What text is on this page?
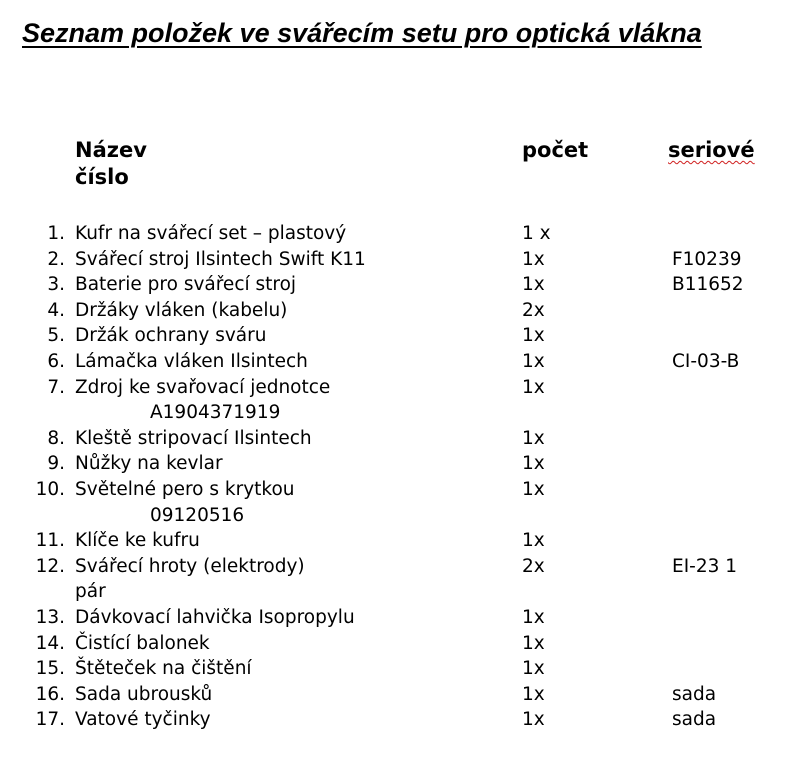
Seznam položek ve svářecím setu pro optická vlákna
Název
číslo
počet	seriové
1. Kufr na svářecí set – plastový	1 x
2. Svářecí stroj Ilsintech Swift K11	1x	F10239
3. Baterie pro svářecí stroj	1x	B11652
4. Držáky vláken (kabelu)	2x
5. Držák ochrany sváru	1x
6. Lámačka vláken Ilsintech	1x	CI-03-B
7. Zdroj ke svařovací jednotce	1x
A1904371919
8. Kleště stripovací Ilsintech	1x
9. Nůžky na kevlar	1x
10. Světelné pero s krytkou	1x
09120516
11. Klíče ke kufru	1x
12. Svářecí hroty (elektrody)	2x	EI-23 1
pár
13. Dávkovací lahvička Isopropylu	1x
14. Čistící balonek	1x
15. Štěteček na čištění	1x
16. Sada ubrousků	1x	sada
17. Vatové tyčinky	1x	sada
